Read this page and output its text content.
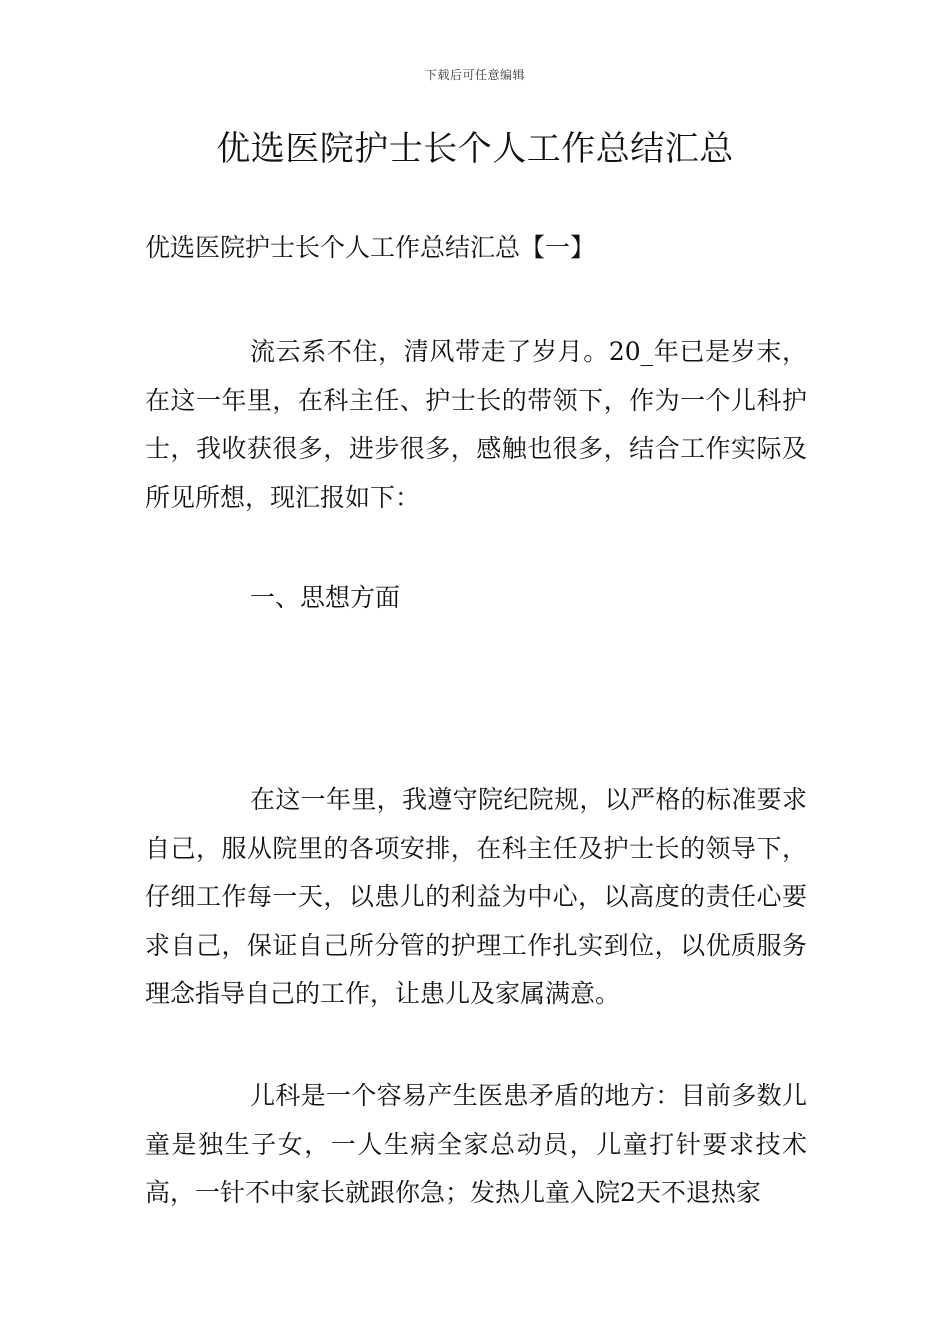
下载后可任意编辑
优选医院护士长个人工作总结汇总
优选医院护士长个人工作总结汇总【一】

流云系不住，清风带走了岁月。20_年已是岁末，在这一年里，在科主任、护士长的带领下，作为一个儿科护士，我收获很多，进步很多，感触也很多，结合工作实际及所见所想，现汇报如下：

一、思想方面

在这一年里，我遵守院纪院规，以严格的标准要求自己，服从院里的各项安排，在科主任及护士长的领导下，仔细工作每一天，以患儿的利益为中心，以高度的责任心要求自己，保证自己所分管的护理工作扎实到位，以优质服务理念指导自己的工作，让患儿及家属满意。

儿科是一个容易产生医患矛盾的地方：目前多数儿童是独生子女，一人生病全家总动员，儿童打针要求技术高，一针不中家长就跟你急；发热儿童入院2天不退热家
